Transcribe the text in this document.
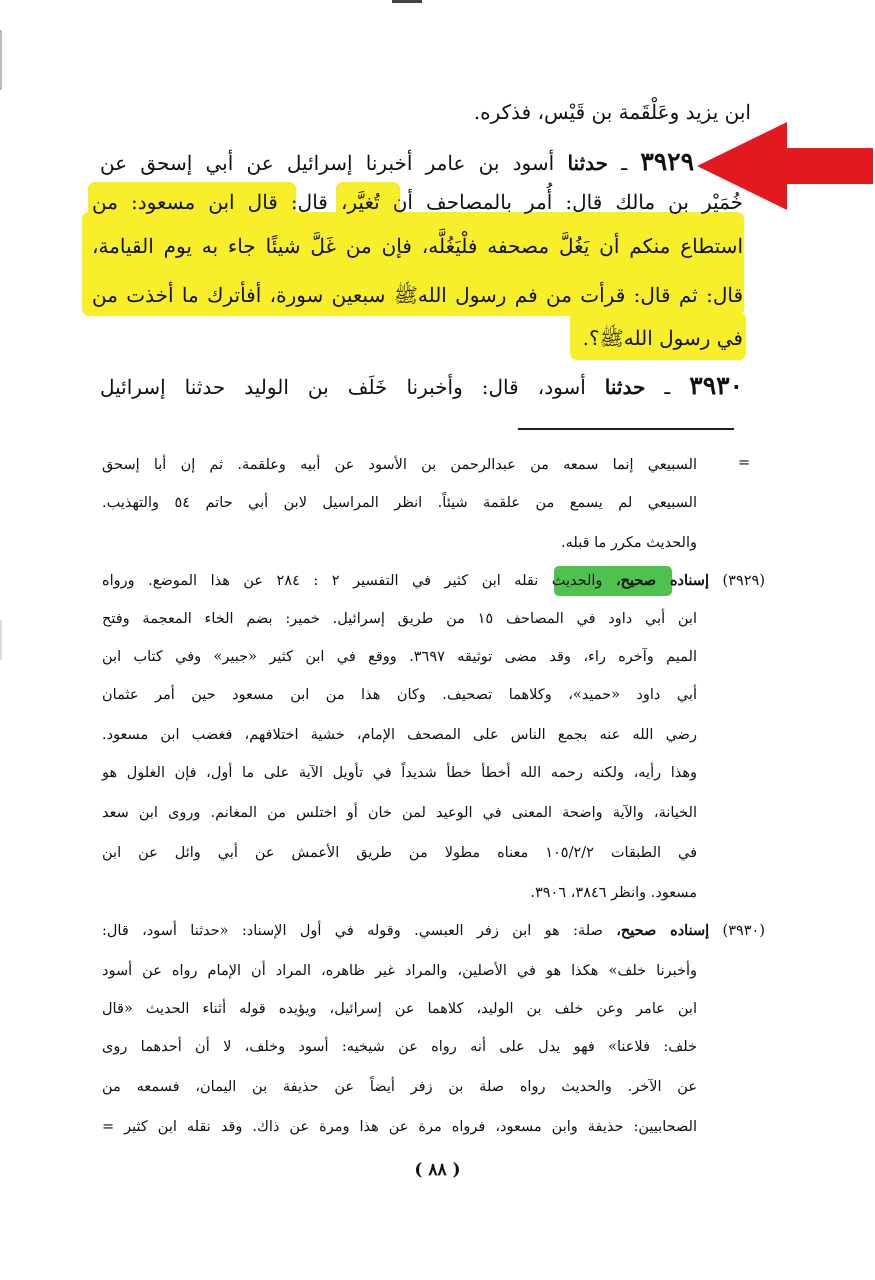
ابن يزيد وعَلْقَمة بن قَيْس، فذكره.
٣٩٢٩ ـ حدثنا أسود بن عامر أخبرنا إسرائيل عن أبي إسحق عن
خُمَيْر بن مالك قال: أُمر بالمصاحف أن تُغيَّر، قال: قال ابن مسعود: من
استطاع منكم أن يَغُلَّ مصحفه فلْيَغُلَّه، فإن من غَلَّ شيئًا جاء به يوم القيامة،
قال: ثم قال: قرأت من فم رسول اللهﷺ سبعين سورة، أفأترك ما أخذت من
في رسول اللهﷺ؟.
٣٩٣٠ ـ حدثنا أسود، قال: وأخبرنا خَلَف بن الوليد حدثنا إسرائيل
=
السبيعي إنما سمعه من عبدالرحمن بن الأسود عن أبيه وعلقمة. ثم إن أبا إسحق
السبيعي لم يسمع من علقمة شيئاً. انظر المراسيل لابن أبي حاتم ٥٤ والتهذيب.
والحديث مكرر ما قبله.
(٣٩٢٩) إسناده صحيح، والحديث نقله ابن كثير في التفسير ٢ : ٢٨٤ عن هذا الموضع. ورواه
ابن أبي داود في المصاحف ١٥ من طريق إسرائيل. خمير: بضم الخاء المعجمة وفتح
الميم وآخره راء، وقد مضى توثيقه ٣٦٩٧. ووقع في ابن كثير «جبير» وفي كتاب ابن
أبي داود «حميد»، وكلاهما تصحيف. وكان هذا من ابن مسعود حين أمر عثمان
رضي الله عنه بجمع الناس على المصحف الإمام، خشية اختلافهم، فغضب ابن مسعود.
وهذا رأيه، ولكنه رحمه الله أخطأ خطأ شديداً في تأويل الآية على ما أول، فإن الغلول هو
الخيانة، والآية واضحة المعنى في الوعيد لمن خان أو اختلس من المغانم. وروى ابن سعد
في الطبقات ١٠٥/٢/٢ معناه مطولا من طريق الأعمش عن أبي وائل عن ابن
مسعود. وانظر ٣٨٤٦، ٣٩٠٦.
(٣٩٣٠) إسناده صحيح، صلة: هو ابن زفر العبسي. وقوله في أول الإسناد: «حدثنا أسود، قال:
وأخبرنا خلف» هكذا هو في الأصلين، والمراد غير ظاهره، المراد أن الإمام رواه عن أسود
ابن عامر وعن خلف بن الوليد، كلاهما عن إسرائيل، ويؤيده قوله أثناء الحديث «قال
خلف: فلاعنا» فهو يدل على أنه رواه عن شيخيه: أسود وخلف، لا أن أحدهما روى
عن الآخر. والحديث رواه صلة بن زفر أيضاً عن حذيفة بن اليمان، فسمعه من
الصحابيين: حذيفة وابن مسعود، فرواه مرة عن هذا ومرة عن ذاك. وقد نقله ابن كثير =
( ٨٨ )
